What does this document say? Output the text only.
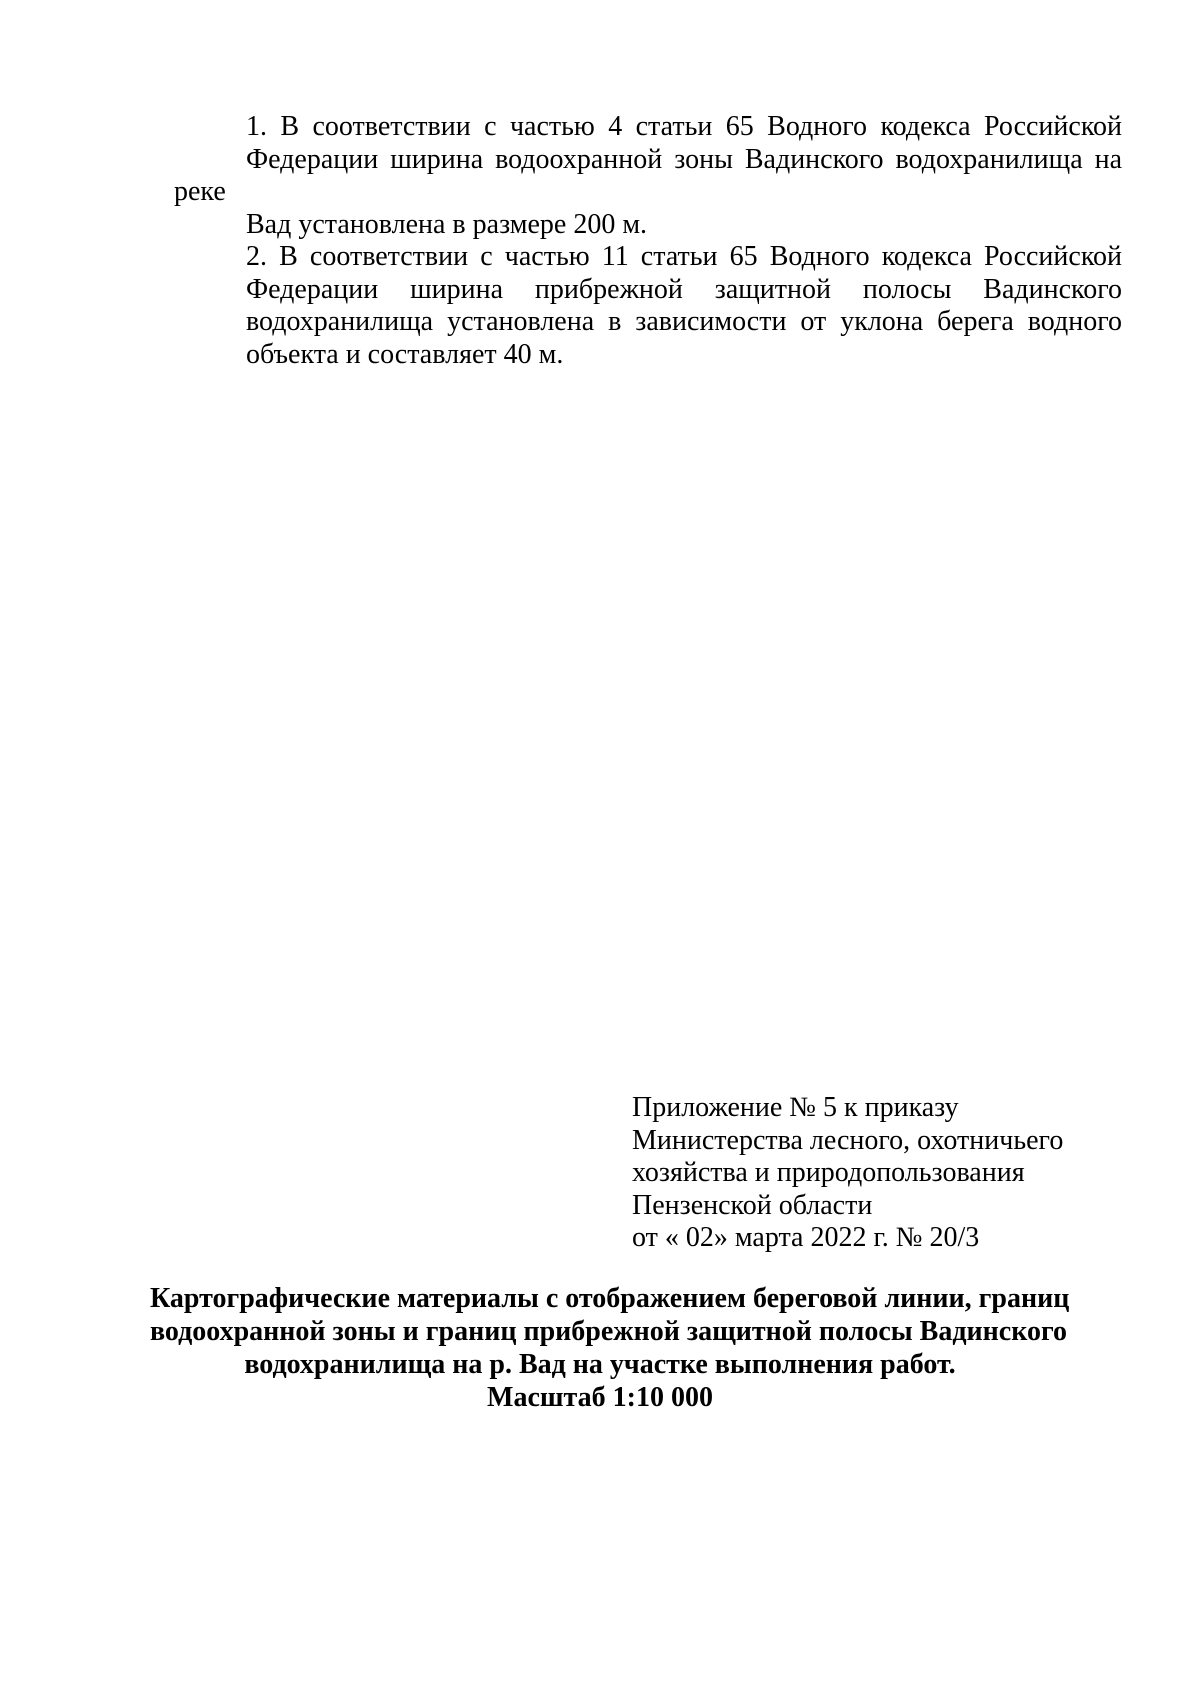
1. В соответствии с частью 4 статьи 65 Водного кодекса Российской
Федерации ширина водоохранной зоны Вадинского водохранилища на реке
Вад установлена в размере 200 м.
2. В соответствии с частью 11 статьи 65 Водного кодекса Российской
Федерации ширина прибрежной защитной полосы Вадинского
водохранилища установлена в зависимости от уклона берега водного
объекта и составляет 40 м.
Приложение № 5 к приказу
Министерства лесного, охотничьего
хозяйства и природопользования
Пензенской области
от « 02» марта 2022 г. № 20/3
Картографические материалы с отображением береговой линии, границ
водоохранной зоны и границ прибрежной защитной полосы Вадинского
водохранилища на р. Вад на участке выполнения работ.
Масштаб 1:10 000
